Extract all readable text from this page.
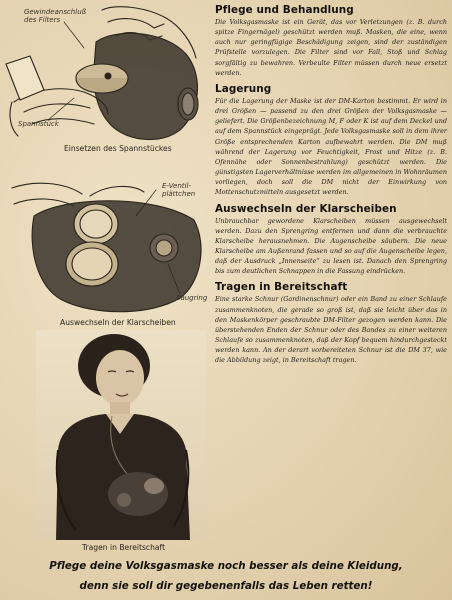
Gewindeanschluß des Filters
Spannstück
Einsetzen des Spannstückes
E-Ventil-plättchen
Saugring
Auswechseln der Klarscheiben
Tragen in Bereitschaft
Pflege und Behandlung

Die Volksgasmaske ist ein Gerät, das vor Verletzungen (z. B. durch spitze Fingernägel) geschützt werden muß. Masken, die eine, wenn auch nur geringfügige Beschädigung zeigen, sind der zuständigen Prüfstelle vorzulegen. Die Filter sind vor Fall, Stoß und Schlag sorgfältig zu bewahren. Verbeulte Filter müssen durch neue ersetzt werden.

Lagerung

Für die Lagerung der Maske ist der DM-Karton bestimmt. Er wird in drei Größen — passend zu den drei Größen der Volksgasmaske — geliefert. Die Größenbezeichnung M, F oder K ist auf dem Deckel und auf dem Spannstück eingeprägt. Jede Volksgasmaske soll in dem ihrer Größe entsprechenden Karton aufbewahrt werden. Die DM muß während der Lagerung vor Feuchtigkeit, Frost und Hitze (z. B. Ofennähe oder Sonnenbestrahlung) geschützt werden. Die günstigsten Lagerverhältnisse werden im allgemeinen in Wohnräumen vorliegen, doch soll die DM nicht der Einwirkung von Mottenschutzmitteln ausgesetzt werden.

Auswechseln der Klarscheiben

Unbrauchbar gewordene Klarscheiben müssen ausgewechselt werden. Dazu den Sprengring entfernen und dann die verbrauchte Klarscheibe herausnehmen. Die Augenscheibe säubern. Die neue Klarscheibe am Außenrand fassen und so auf die Augenscheibe legen, daß der Ausdruck „Innenseite“ zu lesen ist. Danach den Sprengring bis zum deutlichen Schnappen in die Fassung eindrücken.

Tragen in Bereitschaft

Eine starke Schnur (Gardinenschnur) oder ein Band zu einer Schlaufe zusammenknoten, die gerade so groß ist, daß sie leicht über das in den Maskenkörper geschraubte DM-Filter gezogen werden kann. Die überstehenden Enden der Schnur oder des Bandes zu einer weiteren Schlaufe so zusammenknoten, daß der Kopf bequem hindurchgesteckt werden kann. An der derart vorbereiteten Schnur ist die DM 37, wie die Abbildung zeigt, in Bereitschaft tragen.

Pflege deine Volksgasmaske noch besser als deine Kleidung,
denn sie soll dir gegebenenfalls das Leben retten!
